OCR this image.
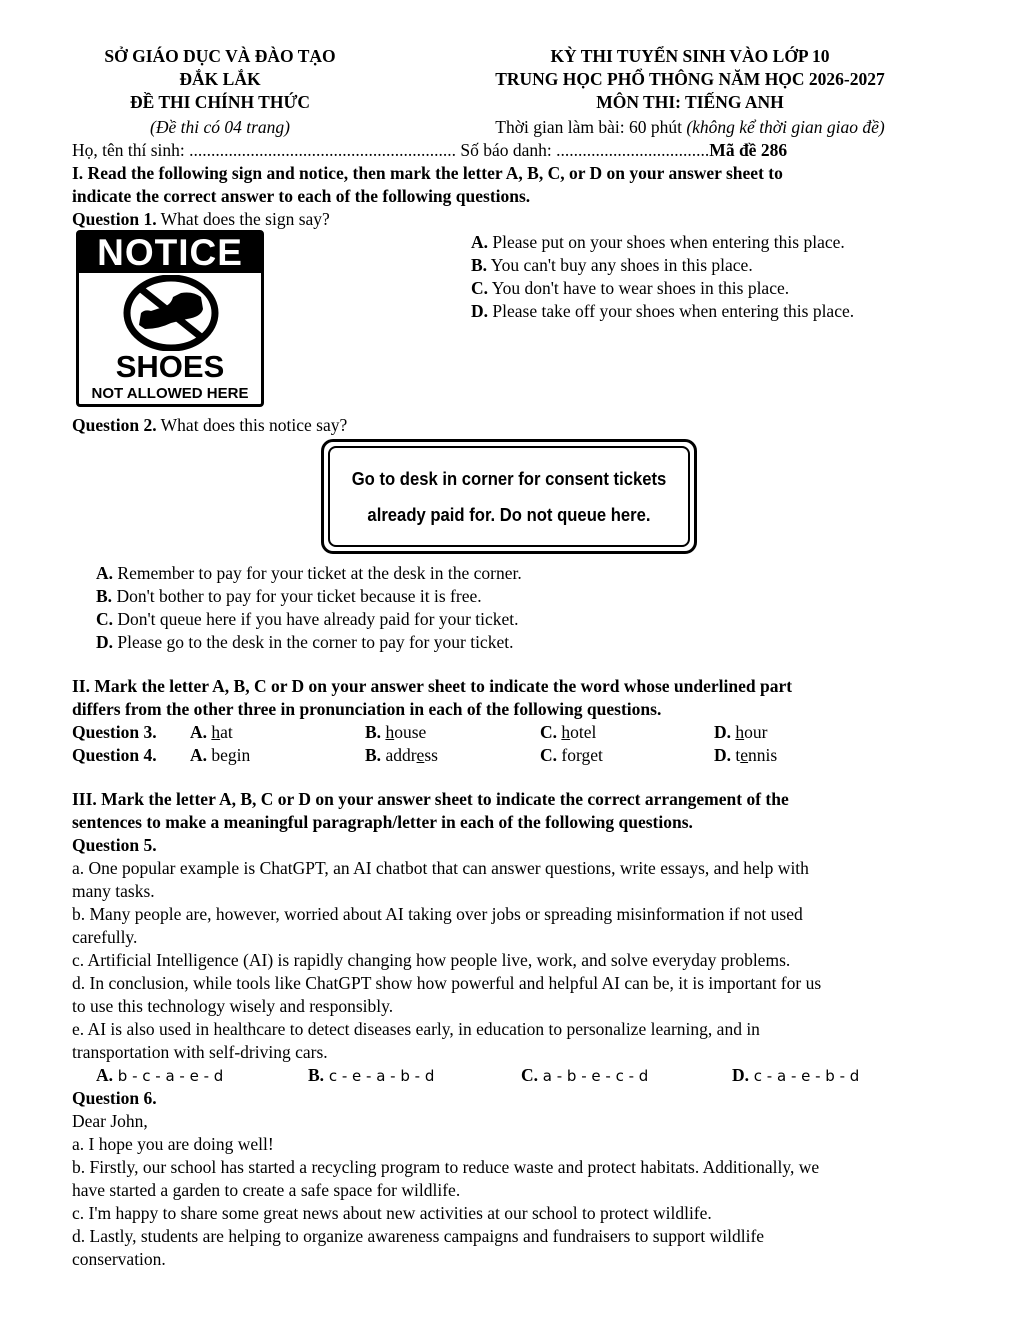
SỞ GIÁO DỤC VÀ ĐÀO TẠO
ĐẮK LẮK
ĐỀ THI CHÍNH THỨC
(Đề thi có 04 trang)
KỲ THI TUYỂN SINH VÀO LỚP 10
TRUNG HỌC PHỔ THÔNG NĂM HỌC 2026-2027
MÔN THI: TIẾNG ANH
Thời gian làm bài: 60 phút (không kể thời gian giao đề)
Họ, tên thí sinh: ............................................................. Số báo danh: ...................................Mã đề 286
I. Read the following sign and notice, then mark the letter A, B, C, or D on your answer sheet to
indicate the correct answer to each of the following questions.
Question 1. What does the sign say?
NOTICE
SHOES
NOT ALLOWED HERE
A. Please put on your shoes when entering this place.
B. You can't buy any shoes in this place.
C. You don't have to wear shoes in this place.
D. Please take off your shoes when entering this place.
Question 2. What does this notice say?
Go to desk in corner for consent tickets
already paid for. Do not queue here.
A. Remember to pay for your ticket at the desk in the corner.
B. Don't bother to pay for your ticket because it is free.
C. Don't queue here if you have already paid for your ticket.
D. Please go to the desk in the corner to pay for your ticket.
II. Mark the letter A, B, C or D on your answer sheet to indicate the word whose underlined part
differs from the other three in pronunciation in each of the following questions.
Question 3. A. hat	B. house	C. hotel	D. hour
Question 4. A. begin	B. address	C. forget	D. tennis
III. Mark the letter A, B, C or D on your answer sheet to indicate the correct arrangement of the
sentences to make a meaningful paragraph/letter in each of the following questions.
Question 5.
a. One popular example is ChatGPT, an AI chatbot that can answer questions, write essays, and help with
many tasks.
b. Many people are, however, worried about AI taking over jobs or spreading misinformation if not used
carefully.
c. Artificial Intelligence (AI) is rapidly changing how people live, work, and solve everyday problems.
d. In conclusion, while tools like ChatGPT show how powerful and helpful AI can be, it is important for us
to use this technology wisely and responsibly.
e. AI is also used in healthcare to detect diseases early, in education to personalize learning, and in
transportation with self-driving cars.
A. b - c - a - e - d	B. c - e - a - b - d	C. a - b - e - c - d	D. c - a - e - b - d
Question 6.
Dear John,
a. I hope you are doing well!
b. Firstly, our school has started a recycling program to reduce waste and protect habitats. Additionally, we
have started a garden to create a safe space for wildlife.
c. I'm happy to share some great news about new activities at our school to protect wildlife.
d. Lastly, students are helping to organize awareness campaigns and fundraisers to support wildlife
conservation.
